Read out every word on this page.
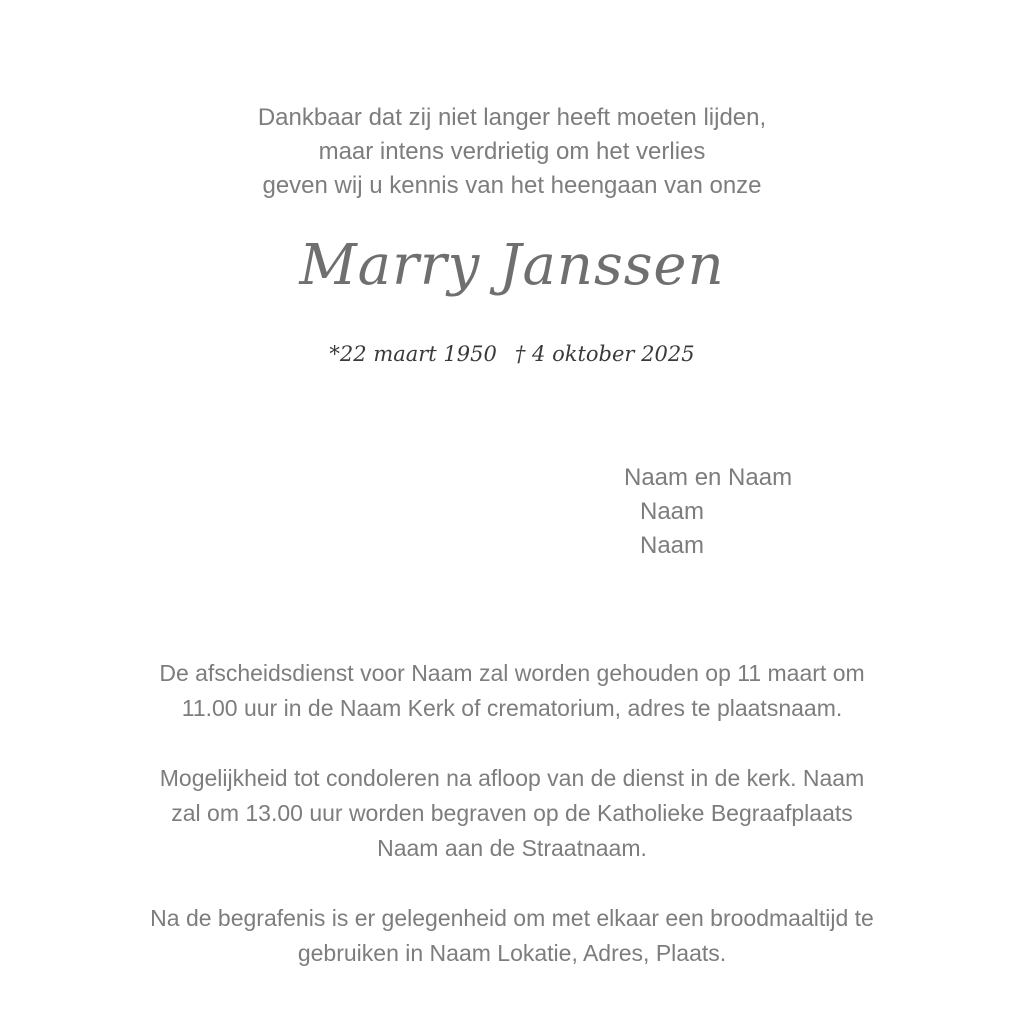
Dankbaar dat zij niet langer heeft moeten lijden,
maar intens verdrietig om het verlies
geven wij u kennis van het heengaan van onze
Marry Janssen
*22 maart 1950 † 4 oktober 2025
Naam en Naam
Naam
Naam
De afscheidsdienst voor Naam zal worden gehouden op 11 maart om
11.00 uur in de Naam Kerk of crematorium, adres te plaatsnaam.
Mogelijkheid tot condoleren na afloop van de dienst in de kerk. Naam
zal om 13.00 uur worden begraven op de Katholieke Begraafplaats
Naam aan de Straatnaam.
Na de begrafenis is er gelegenheid om met elkaar een broodmaaltijd te
gebruiken in Naam Lokatie, Adres, Plaats.
